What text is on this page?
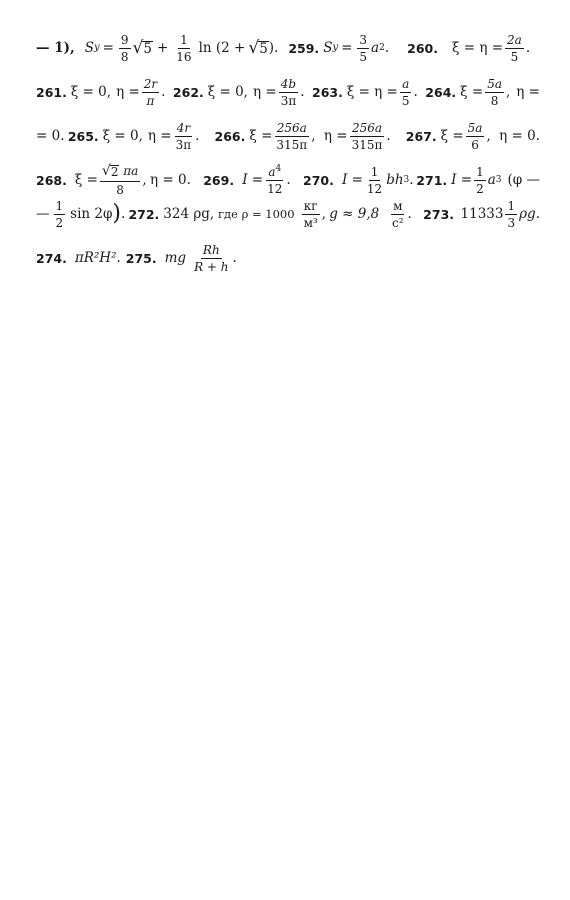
— 1), S $y = \frac{9}{8}$ √ $5 + \frac{1}{16}$ ln (2 + √ 5 ). 259. S $y = \frac{3}{5}$ a 2 . 260. $\xi = \eta = \frac{2a}{5}$ .
261. ξ = 0, $\eta = \frac{2r}{\pi}$ . 262. ξ = 0, $\eta = \frac{4b}{3\pi}$ . 263. $\xi = \eta = \frac{a}{5}$ . 264. $\xi = \frac{5a}{8}$ , η =
= 0. 265. ξ = 0, $\eta = \frac{4r}{3\pi}$ . 266. $\xi = \frac{256a}{315\pi}$ , $\eta = \frac{256a}{315\pi}$ . 267. $\xi = \frac{5a}{6}$ , η = 0.
268. $\xi = \frac{√ 2 \pi a}{8}$ , η = 0. 269. $I = \frac{a^4}{12}$ . 270. $I = \frac{1}{12}$ bh 3 . 271. $I = \frac{1}{2}$ a 3 (φ —
— $\frac{1}{2}$ sin 2φ ) . 272. 324 ρg, где $\rho = 1000 \frac{кг}{\text{м³}}$ , $g \approx 9,8 \frac{м}{\text{с²}}$ . 273. $11333 \frac{1}{3} \rho g$.
274. πR²H². 275. mg $\frac{Rh}{R + h}$ .
